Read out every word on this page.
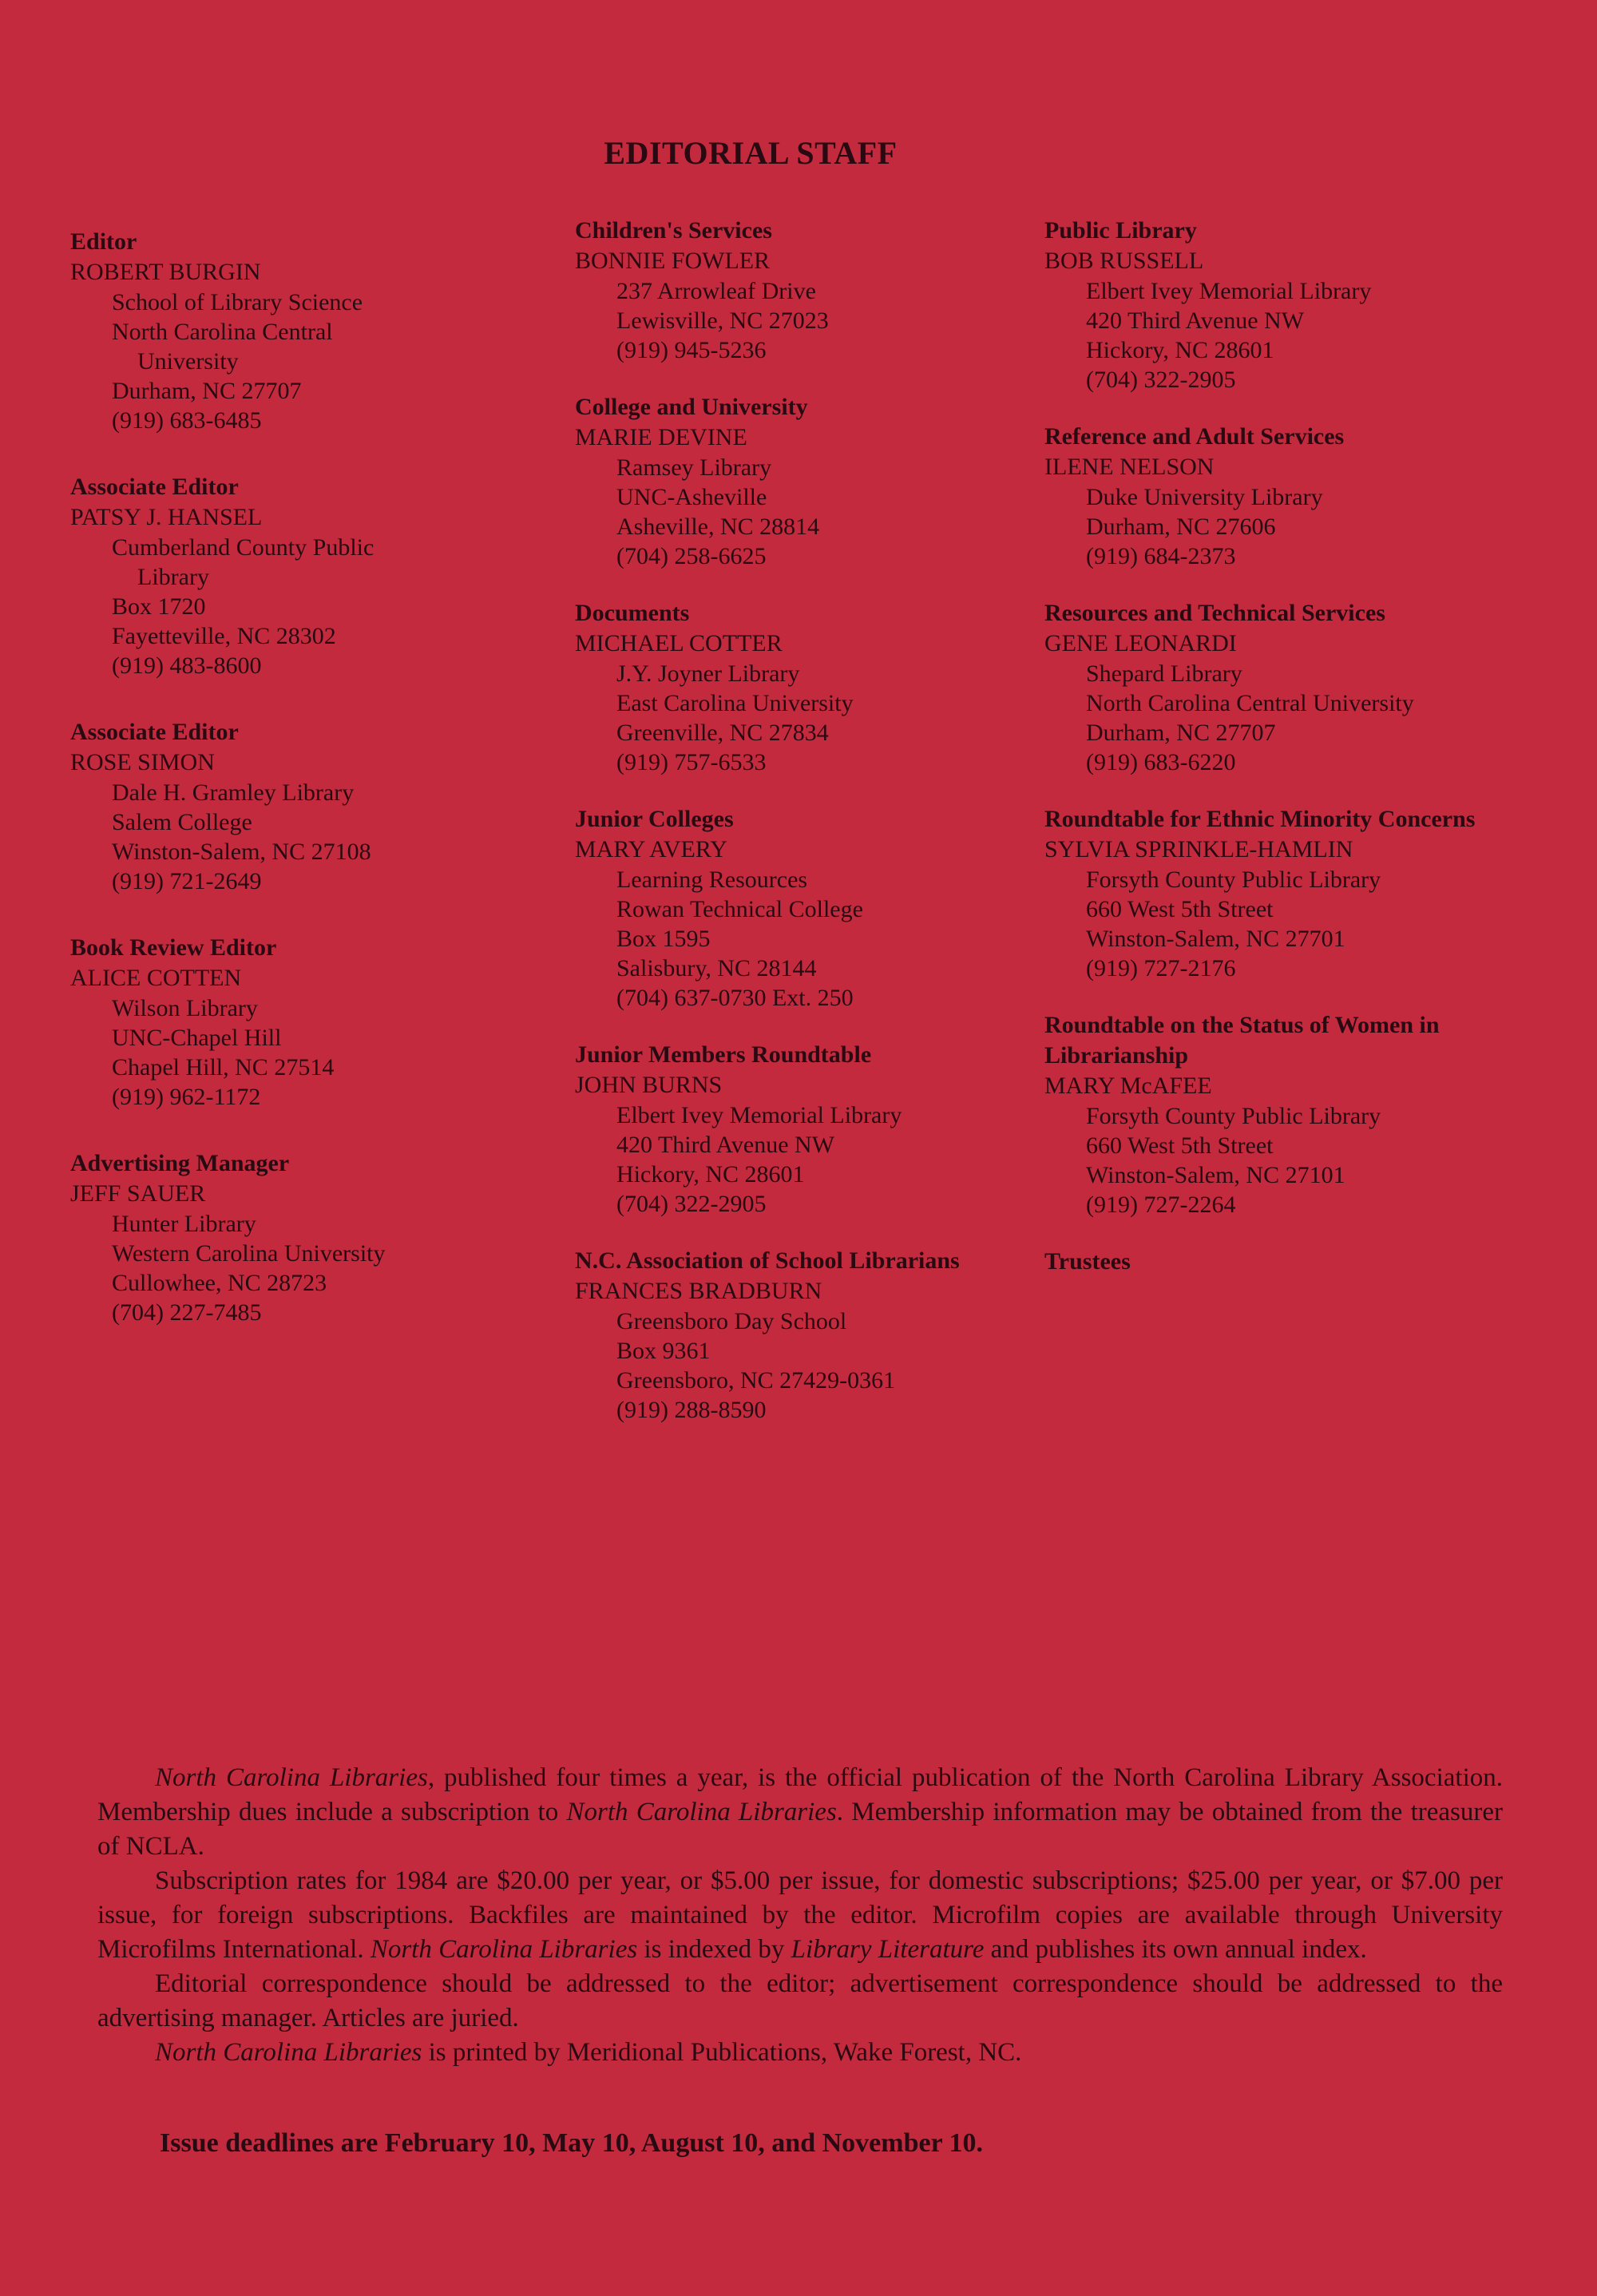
EDITORIAL STAFF
Editor
ROBERT BURGIN
School of Library Science
North Carolina Central
University
Durham, NC 27707
(919) 683-6485
Associate Editor
PATSY J. HANSEL
Cumberland County Public
Library
Box 1720
Fayetteville, NC 28302
(919) 483-8600
Associate Editor
ROSE SIMON
Dale H. Gramley Library
Salem College
Winston-Salem, NC 27108
(919) 721-2649
Book Review Editor
ALICE COTTEN
Wilson Library
UNC-Chapel Hill
Chapel Hill, NC 27514
(919) 962-1172
Advertising Manager
JEFF SAUER
Hunter Library
Western Carolina University
Cullowhee, NC 28723
(704) 227-7485
Children's Services
BONNIE FOWLER
237 Arrowleaf Drive
Lewisville, NC 27023
(919) 945-5236
College and University
MARIE DEVINE
Ramsey Library
UNC-Asheville
Asheville, NC 28814
(704) 258-6625
Documents
MICHAEL COTTER
J.Y. Joyner Library
East Carolina University
Greenville, NC 27834
(919) 757-6533
Junior Colleges
MARY AVERY
Learning Resources
Rowan Technical College
Box 1595
Salisbury, NC 28144
(704) 637-0730 Ext. 250
Junior Members Roundtable
JOHN BURNS
Elbert Ivey Memorial Library
420 Third Avenue NW
Hickory, NC 28601
(704) 322-2905
N.C. Association of School Librarians
FRANCES BRADBURN
Greensboro Day School
Box 9361
Greensboro, NC 27429-0361
(919) 288-8590
Public Library
BOB RUSSELL
Elbert Ivey Memorial Library
420 Third Avenue NW
Hickory, NC 28601
(704) 322-2905
Reference and Adult Services
ILENE NELSON
Duke University Library
Durham, NC 27606
(919) 684-2373
Resources and Technical Services
GENE LEONARDI
Shepard Library
North Carolina Central University
Durham, NC 27707
(919) 683-6220
Roundtable for Ethnic Minority Concerns
SYLVIA SPRINKLE-HAMLIN
Forsyth County Public Library
660 West 5th Street
Winston-Salem, NC 27701
(919) 727-2176
Roundtable on the Status of Women in Librarianship
MARY McAFEE
Forsyth County Public Library
660 West 5th Street
Winston-Salem, NC 27101
(919) 727-2264
Trustees

North Carolina Libraries, published four times a year, is the official publication of the North Carolina Library Association. Membership dues include a subscription to North Carolina Libraries. Membership information may be obtained from the treasurer of NCLA.

Subscription rates for 1984 are $20.00 per year, or $5.00 per issue, for domestic subscriptions; $25.00 per year, or $7.00 per issue, for foreign subscriptions. Backfiles are maintained by the editor. Microfilm copies are available through University Microfilms International. North Carolina Libraries is indexed by Library Literature and publishes its own annual index.

Editorial correspondence should be addressed to the editor; advertisement correspondence should be addressed to the advertising manager. Articles are juried.

North Carolina Libraries is printed by Meridional Publications, Wake Forest, NC.

Issue deadlines are February 10, May 10, August 10, and November 10.
